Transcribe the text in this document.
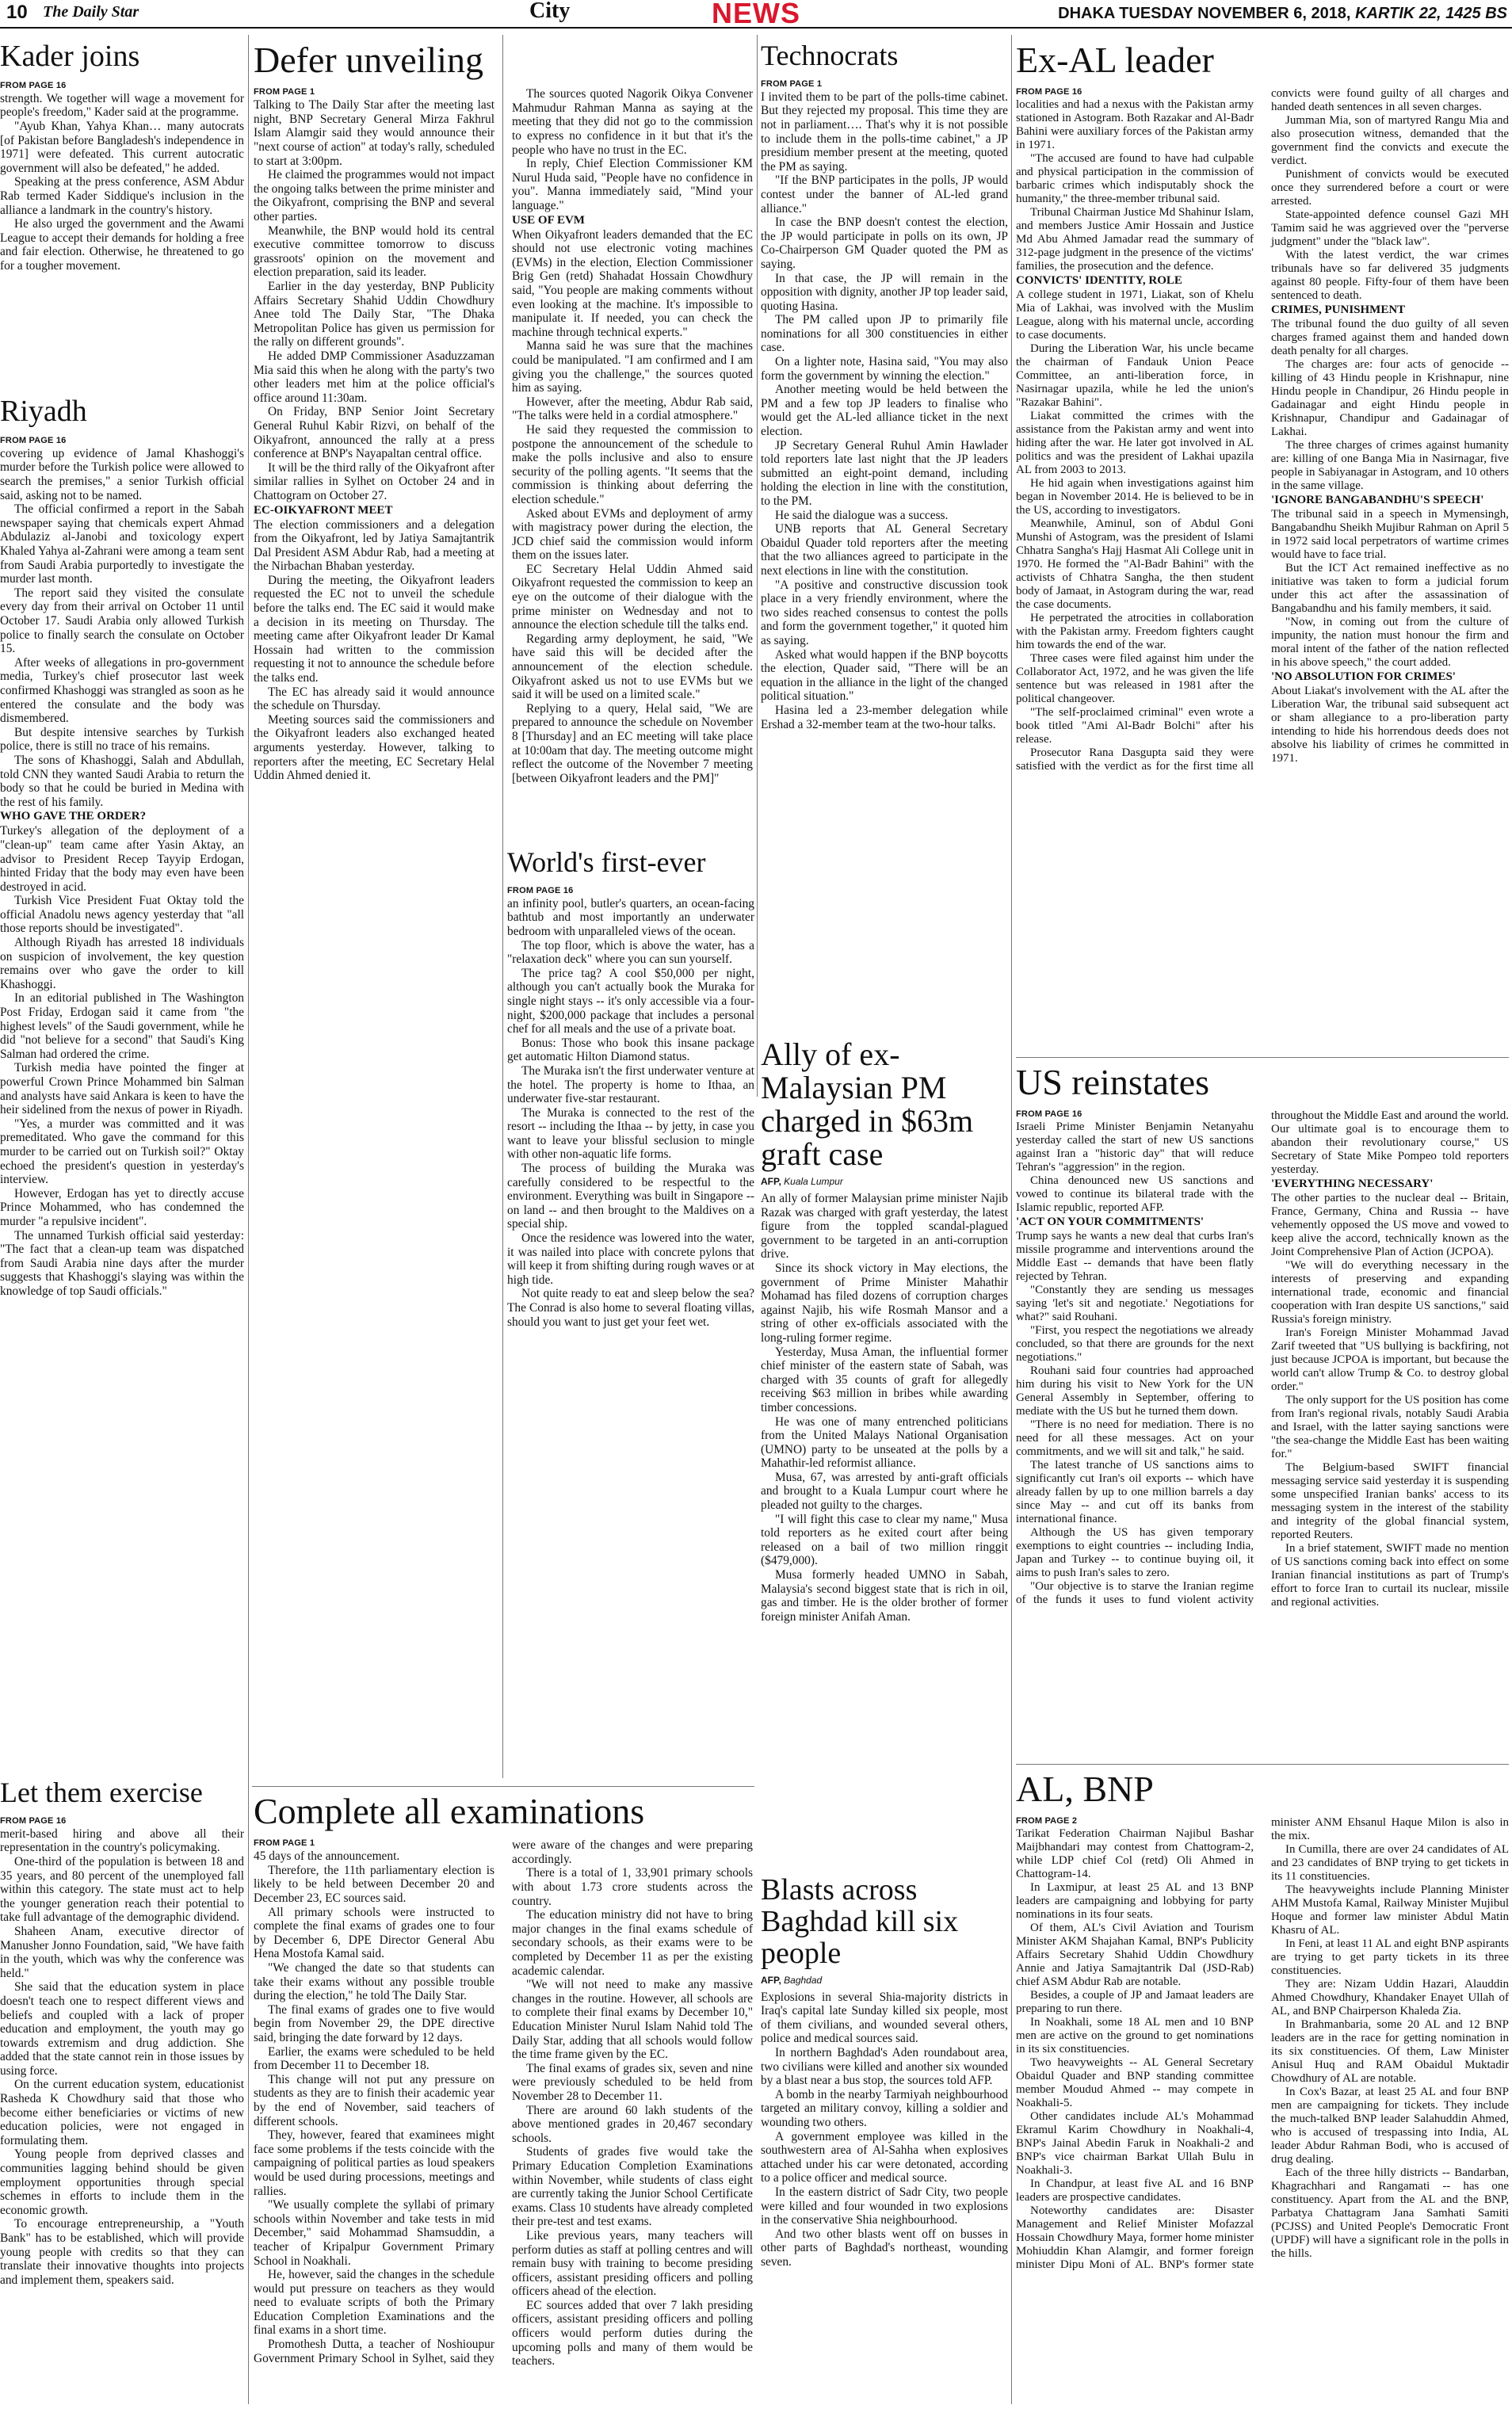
10 The Daily Star	City	NEWS	DHAKA TUESDAY NOVEMBER 6, 2018, KARTIK 22, 1425 BS
Kader joins
FROM PAGE 16

strength. We together will wage a movement for people's freedom," Kader said at the programme.

"Ayub Khan, Yahya Khan… many autocrats [of Pakistan before Bangladesh's independence in 1971] were defeated. This current autocratic government will also be defeated," he added.

Speaking at the press conference, ASM Abdur Rab termed Kader Siddique's inclusion in the alliance a landmark in the country's history.

He also urged the government and the Awami League to accept their demands for holding a free and fair election. Otherwise, he threatened to go for a tougher movement.

Riyadh
FROM PAGE 16

covering up evidence of Jamal Khashoggi's murder before the Turkish police were allowed to search the premises," a senior Turkish official said, asking not to be named.

The official confirmed a report in the Sabah newspaper saying that chemicals expert Ahmad Abdulaziz al-Janobi and toxicology expert Khaled Yahya al-Zahrani were among a team sent from Saudi Arabia purportedly to investigate the murder last month.

The report said they visited the consulate every day from their arrival on October 11 until October 17. Saudi Arabia only allowed Turkish police to finally search the consulate on October 15.

After weeks of allegations in pro-government media, Turkey's chief prosecutor last week confirmed Khashoggi was strangled as soon as he entered the consulate and the body was dismembered.

But despite intensive searches by Turkish police, there is still no trace of his remains.

The sons of Khashoggi, Salah and Abdullah, told CNN they wanted Saudi Arabia to return the body so that he could be buried in Medina with the rest of his family.

WHO GAVE THE ORDER?

Turkey's allegation of the deployment of a "clean-up" team came after Yasin Aktay, an advisor to President Recep Tayyip Erdogan, hinted Friday that the body may even have been destroyed in acid.

Turkish Vice President Fuat Oktay told the official Anadolu news agency yesterday that "all those reports should be investigated".

Although Riyadh has arrested 18 individuals on suspicion of involvement, the key question remains over who gave the order to kill Khashoggi.

In an editorial published in The Washington Post Friday, Erdogan said it came from "the highest levels" of the Saudi government, while he did "not believe for a second" that Saudi's King Salman had ordered the crime.

Turkish media have pointed the finger at powerful Crown Prince Mohammed bin Salman and analysts have said Ankara is keen to have the heir sidelined from the nexus of power in Riyadh.

"Yes, a murder was committed and it was premeditated. Who gave the command for this murder to be carried out on Turkish soil?" Oktay echoed the president's question in yesterday's interview.

However, Erdogan has yet to directly accuse Prince Mohammed, who has condemned the murder "a repulsive incident".

The unnamed Turkish official said yesterday: "The fact that a clean-up team was dispatched from Saudi Arabia nine days after the murder suggests that Khashoggi's slaying was within the knowledge of top Saudi officials."

Let them exercise
FROM PAGE 16

merit-based hiring and above all their representation in the country's policymaking.

One-third of the population is between 18 and 35 years, and 80 percent of the unemployed fall within this category. The state must act to help the younger generation reach their potential to take full advantage of the demographic dividend.

Shaheen Anam, executive director of Manusher Jonno Foundation, said, "We have faith in the youth, which was why the conference was held."

She said that the education system in place doesn't teach one to respect different views and beliefs and coupled with a lack of proper education and employment, the youth may go towards extremism and drug addiction. She added that the state cannot rein in those issues by using force.

On the current education system, educationist Rasheda K Chowdhury said that those who become either beneficiaries or victims of new education policies, were not engaged in formulating them.

Young people from deprived classes and communities lagging behind should be given employment opportunities through special schemes in efforts to include them in the economic growth.

To encourage entrepreneurship, a "Youth Bank" has to be established, which will provide young people with credits so that they can translate their innovative thoughts into projects and implement them, speakers said.

Defer unveiling
FROM PAGE 1

Talking to The Daily Star after the meeting last night, BNP Secretary General Mirza Fakhrul Islam Alamgir said they would announce their "next course of action" at today's rally, scheduled to start at 3:00pm.

He claimed the programmes would not impact the ongoing talks between the prime minister and the Oikyafront, comprising the BNP and several other parties.

Meanwhile, the BNP would hold its central executive committee tomorrow to discuss grassroots' opinion on the movement and election preparation, said its leader.

Earlier in the day yesterday, BNP Publicity Affairs Secretary Shahid Uddin Chowdhury Anee told The Daily Star, "The Dhaka Metropolitan Police has given us permission for the rally on different grounds".

He added DMP Commissioner Asaduzzaman Mia said this when he along with the party's two other leaders met him at the police official's office around 11:30am.

On Friday, BNP Senior Joint Secretary General Ruhul Kabir Rizvi, on behalf of the Oikyafront, announced the rally at a press conference at BNP's Nayapaltan central office.

It will be the third rally of the Oikyafront after similar rallies in Sylhet on October 24 and in Chattogram on October 27.

EC-OIKYAFRONT MEET

The election commissioners and a delegation from the Oikyafront, led by Jatiya Samajtantrik Dal President ASM Abdur Rab, had a meeting at the Nirbachan Bhaban yesterday.

During the meeting, the Oikyafront leaders requested the EC not to unveil the schedule before the talks end. The EC said it would make a decision in its meeting on Thursday. The meeting came after Oikyafront leader Dr Kamal Hossain had written to the commission requesting it not to announce the schedule before the talks end.

The EC has already said it would announce the schedule on Thursday.

Meeting sources said the commissioners and the Oikyafront leaders also exchanged heated arguments yesterday. However, talking to reporters after the meeting, EC Secretary Helal Uddin Ahmed denied it.

The sources quoted Nagorik Oikya Convener Mahmudur Rahman Manna as saying at the meeting that they did not go to the commission to express no confidence in it but that it's the people who have no trust in the EC.

In reply, Chief Election Commissioner KM Nurul Huda said, "People have no confidence in you". Manna immediately said, "Mind your language."

USE OF EVM

When Oikyafront leaders demanded that the EC should not use electronic voting machines (EVMs) in the election, Election Commissioner Brig Gen (retd) Shahadat Hossain Chowdhury said, "You people are making comments without even looking at the machine. It's impossible to manipulate it. If needed, you can check the machine through technical experts."

Manna said he was sure that the machines could be manipulated. "I am confirmed and I am giving you the challenge," the sources quoted him as saying.

However, after the meeting, Abdur Rab said, "The talks were held in a cordial atmosphere."

He said they requested the commission to postpone the announcement of the schedule to make the polls inclusive and also to ensure security of the polling agents. "It seems that the commission is thinking about deferring the election schedule."

Asked about EVMs and deployment of army with magistracy power during the election, the JCD chief said the commission would inform them on the issues later.

EC Secretary Helal Uddin Ahmed said Oikyafront requested the commission to keep an eye on the outcome of their dialogue with the prime minister on Wednesday and not to announce the election schedule till the talks end.

Regarding army deployment, he said, "We have said this will be decided after the announcement of the election schedule. Oikyafront asked us not to use EVMs but we said it will be used on a limited scale."

Replying to a query, Helal said, "We are prepared to announce the schedule on November 8 [Thursday] and an EC meeting will take place at 10:00am that day. The meeting outcome might reflect the outcome of the November 7 meeting [between Oikyafront leaders and the PM]"

World's first-ever
FROM PAGE 16

an infinity pool, butler's quarters, an ocean-facing bathtub and most importantly an underwater bedroom with unparalleled views of the ocean.

The top floor, which is above the water, has a "relaxation deck" where you can sun yourself.

The price tag? A cool $50,000 per night, although you can't actually book the Muraka for single night stays -- it's only accessible via a four-night, $200,000 package that includes a personal chef for all meals and the use of a private boat.

Bonus: Those who book this insane package get automatic Hilton Diamond status.

The Muraka isn't the first underwater venture at the hotel. The property is home to Ithaa, an underwater five-star restaurant.

The Muraka is connected to the rest of the resort -- including the Ithaa -- by jetty, in case you want to leave your blissful seclusion to mingle with other non-aquatic life forms.

The process of building the Muraka was carefully considered to be respectful to the environment. Everything was built in Singapore -- on land -- and then brought to the Maldives on a special ship.

Once the residence was lowered into the water, it was nailed into place with concrete pylons that will keep it from shifting during rough waves or at high tide.

Not quite ready to eat and sleep below the sea? The Conrad is also home to several floating villas, should you want to just get your feet wet.

Complete all examinations
FROM PAGE 1

45 days of the announcement.

Therefore, the 11th parliamentary election is likely to be held between December 20 and December 23, EC sources said.

All primary schools were instructed to complete the final exams of grades one to four by December 6, DPE Director General Abu Hena Mostofa Kamal said.

"We changed the date so that students can take their exams without any possible trouble during the election," he told The Daily Star.

The final exams of grades one to five would begin from November 29, the DPE directive said, bringing the date forward by 12 days.

Earlier, the exams were scheduled to be held from December 11 to December 18.

This change will not put any pressure on students as they are to finish their academic year by the end of November, said teachers of different schools.

They, however, feared that examinees might face some problems if the tests coincide with the campaigning of political parties as loud speakers would be used during processions, meetings and rallies.

"We usually complete the syllabi of primary schools within November and take tests in mid December," said Mohammad Shamsuddin, a teacher of Kripalpur Government Primary School in Noakhali.

He, however, said the changes in the schedule would put pressure on teachers as they would need to evaluate scripts of both the Primary Education Completion Examinations and the final exams in a short time.

Promothesh Dutta, a teacher of Noshioupur Government Primary School in Sylhet, said they were aware of the changes and were preparing accordingly.

There is a total of 1, 33,901 primary schools with about 1.73 crore students across the country.

The education ministry did not have to bring major changes in the final exams schedule of secondary schools, as their exams were to be completed by December 11 as per the existing academic calendar.

"We will not need to make any massive changes in the routine. However, all schools are to complete their final exams by December 10," Education Minister Nurul Islam Nahid told The Daily Star, adding that all schools would follow the time frame given by the EC.

The final exams of grades six, seven and nine were previously scheduled to be held from November 28 to December 11.

There are around 60 lakh students of the above mentioned grades in 20,467 secondary schools.

Students of grades five would take the Primary Education Completion Examinations within November, while students of class eight are currently taking the Junior School Certificate exams. Class 10 students have already completed their pre-test and test exams.

Like previous years, many teachers will perform duties as staff at polling centres and will remain busy with training to become presiding officers, assistant presiding officers and polling officers ahead of the election.

EC sources added that over 7 lakh presiding officers, assistant presiding officers and polling officers would perform duties during the upcoming polls and many of them would be teachers.

Technocrats
FROM PAGE 1

I invited them to be part of the polls-time cabinet. But they rejected my proposal. This time they are not in parliament…. That's why it is not possible to include them in the polls-time cabinet," a JP presidium member present at the meeting, quoted the PM as saying.

"If the BNP participates in the polls, JP would contest under the banner of AL-led grand alliance."

In case the BNP doesn't contest the election, the JP would participate in polls on its own, JP Co-Chairperson GM Quader quoted the PM as saying.

In that case, the JP will remain in the opposition with dignity, another JP top leader said, quoting Hasina.

The PM called upon JP to primarily file nominations for all 300 constituencies in either case.

On a lighter note, Hasina said, "You may also form the government by winning the election."

Another meeting would be held between the PM and a few top JP leaders to finalise who would get the AL-led alliance ticket in the next election.

JP Secretary General Ruhul Amin Hawlader told reporters late last night that the JP leaders submitted an eight-point demand, including holding the election in line with the constitution, to the PM.

He said the dialogue was a success.

UNB reports that AL General Secretary Obaidul Quader told reporters after the meeting that the two alliances agreed to participate in the next elections in line with the constitution.

"A positive and constructive discussion took place in a very friendly environment, where the two sides reached consensus to contest the polls and form the government together," it quoted him as saying.

Asked what would happen if the BNP boycotts the election, Quader said, "There will be an equation in the alliance in the light of the changed political situation."

Hasina led a 23-member delegation while Ershad a 32-member team at the two-hour talks.

Ally of ex-Malaysian PM charged in $63m graft case
AFP, Kuala Lumpur

An ally of former Malaysian prime minister Najib Razak was charged with graft yesterday, the latest figure from the toppled scandal-plagued government to be targeted in an anti-corruption drive.

Since its shock victory in May elections, the government of Prime Minister Mahathir Mohamad has filed dozens of corruption charges against Najib, his wife Rosmah Mansor and a string of other ex-officials associated with the long-ruling former regime.

Yesterday, Musa Aman, the influential former chief minister of the eastern state of Sabah, was charged with 35 counts of graft for allegedly receiving $63 million in bribes while awarding timber concessions.

He was one of many entrenched politicians from the United Malays National Organisation (UMNO) party to be unseated at the polls by a Mahathir-led reformist alliance.

Musa, 67, was arrested by anti-graft officials and brought to a Kuala Lumpur court where he pleaded not guilty to the charges.

"I will fight this case to clear my name," Musa told reporters as he exited court after being released on a bail of two million ringgit ($479,000).

Musa formerly headed UMNO in Sabah, Malaysia's second biggest state that is rich in oil, gas and timber. He is the older brother of former foreign minister Anifah Aman.

Blasts across Baghdad kill six people
AFP, Baghdad

Explosions in several Shia-majority districts in Iraq's capital late Sunday killed six people, most of them civilians, and wounded several others, police and medical sources said.

In northern Baghdad's Aden roundabout area, two civilians were killed and another six wounded by a blast near a bus stop, the sources told AFP.

A bomb in the nearby Tarmiyah neighbourhood targeted an military convoy, killing a soldier and wounding two others.

A government employee was killed in the southwestern area of Al-Sahha when explosives attached under his car were detonated, according to a police officer and medical source.

In the eastern district of Sadr City, two people were killed and four wounded in two explosions in the conservative Shia neighbourhood.

And two other blasts went off on busses in other parts of Baghdad's northeast, wounding seven.

Ex-AL leader
FROM PAGE 16

localities and had a nexus with the Pakistan army stationed in Astogram. Both Razakar and Al-Badr Bahini were auxiliary forces of the Pakistan army in 1971.

"The accused are found to have had culpable and physical participation in the commission of barbaric crimes which indisputably shock the humanity," the three-member tribunal said.

Tribunal Chairman Justice Md Shahinur Islam, and members Justice Amir Hossain and Justice Md Abu Ahmed Jamadar read the summary of 312-page judgment in the presence of the victims' families, the prosecution and the defence.

CONVICTS' IDENTITY, ROLE

A college student in 1971, Liakat, son of Khelu Mia of Lakhai, was involved with the Muslim League, along with his maternal uncle, according to case documents.

During the Liberation War, his uncle became the chairman of Fandauk Union Peace Committee, an anti-liberation force, in Nasirnagar upazila, while he led the union's "Razakar Bahini".

Liakat committed the crimes with the assistance from the Pakistan army and went into hiding after the war. He later got involved in AL politics and was the president of Lakhai upazila AL from 2003 to 2013.

He hid again when investigations against him began in November 2014. He is believed to be in the US, according to investigators.

Meanwhile, Aminul, son of Abdul Goni Munshi of Astogram, was the president of Islami Chhatra Sangha's Hajj Hasmat Ali College unit in 1970. He formed the "Al-Badr Bahini" with the activists of Chhatra Sangha, the then student body of Jamaat, in Astogram during the war, read the case documents.

He perpetrated the atrocities in collaboration with the Pakistan army. Freedom fighters caught him towards the end of the war.

Three cases were filed against him under the Collaborator Act, 1972, and he was given the life sentence but was released in 1981 after the political changeover.

"The self-proclaimed criminal" even wrote a book titled "Ami Al-Badr Bolchi" after his release.

Prosecutor Rana Dasgupta said they were satisfied with the verdict as for the first time all convicts were found guilty of all charges and handed death sentences in all seven charges.

Jumman Mia, son of martyred Rangu Mia and also prosecution witness, demanded that the government find the convicts and execute the verdict.

Punishment of convicts would be executed once they surrendered before a court or were arrested.

State-appointed defence counsel Gazi MH Tamim said he was aggrieved over the "perverse judgment" under the "black law".

With the latest verdict, the war crimes tribunals have so far delivered 35 judgments against 80 people. Fifty-four of them have been sentenced to death.

CRIMES, PUNISHMENT

The tribunal found the duo guilty of all seven charges framed against them and handed down death penalty for all charges.

The charges are: four acts of genocide -- killing of 43 Hindu people in Krishnapur, nine Hindu people in Chandipur, 26 Hindu people in Gadainagar and eight Hindu people in Krishnapur, Chandipur and Gadainagar of Lakhai.

The three charges of crimes against humanity are: killing of one Banga Mia in Nasirnagar, five people in Sabiyanagar in Astogram, and 10 others in the same village.

'IGNORE BANGABANDHU'S SPEECH'

The tribunal said in a speech in Mymensingh, Bangabandhu Sheikh Mujibur Rahman on April 5 in 1972 said local perpetrators of wartime crimes would have to face trial.

But the ICT Act remained ineffective as no initiative was taken to form a judicial forum under this act after the assassination of Bangabandhu and his family members, it said.

"Now, in coming out from the culture of impunity, the nation must honour the firm and moral intent of the father of the nation reflected in his above speech," the court added.

'NO ABSOLUTION FOR CRIMES'

About Liakat's involvement with the AL after the Liberation War, the tribunal said subsequent act or sham allegiance to a pro-liberation party intending to hide his horrendous deeds does not absolve his liability of crimes he committed in 1971.

US reinstates
FROM PAGE 16

Israeli Prime Minister Benjamin Netanyahu yesterday called the start of new US sanctions against Iran a "historic day" that will reduce Tehran's "aggression" in the region.

China denounced new US sanctions and vowed to continue its bilateral trade with the Islamic republic, reported AFP.

'ACT ON YOUR COMMITMENTS'

Trump says he wants a new deal that curbs Iran's missile programme and interventions around the Middle East -- demands that have been flatly rejected by Tehran.

"Constantly they are sending us messages saying 'let's sit and negotiate.' Negotiations for what?" said Rouhani.

"First, you respect the negotiations we already concluded, so that there are grounds for the next negotiations."

Rouhani said four countries had approached him during his visit to New York for the UN General Assembly in September, offering to mediate with the US but he turned them down.

"There is no need for mediation. There is no need for all these messages. Act on your commitments, and we will sit and talk," he said.

The latest tranche of US sanctions aims to significantly cut Iran's oil exports -- which have already fallen by up to one million barrels a day since May -- and cut off its banks from international finance.

Although the US has given temporary exemptions to eight countries -- including India, Japan and Turkey -- to continue buying oil, it aims to push Iran's sales to zero.

"Our objective is to starve the Iranian regime of the funds it uses to fund violent activity throughout the Middle East and around the world. Our ultimate goal is to encourage them to abandon their revolutionary course," US Secretary of State Mike Pompeo told reporters yesterday.

'EVERYTHING NECESSARY'

The other parties to the nuclear deal -- Britain, France, Germany, China and Russia -- have vehemently opposed the US move and vowed to keep alive the accord, technically known as the Joint Comprehensive Plan of Action (JCPOA).

"We will do everything necessary in the interests of preserving and expanding international trade, economic and financial cooperation with Iran despite US sanctions," said Russia's foreign ministry.

Iran's Foreign Minister Mohammad Javad Zarif tweeted that "US bullying is backfiring, not just because JCPOA is important, but because the world can't allow Trump & Co. to destroy global order."

The only support for the US position has come from Iran's regional rivals, notably Saudi Arabia and Israel, with the latter saying sanctions were "the sea-change the Middle East has been waiting for."

The Belgium-based SWIFT financial messaging service said yesterday it is suspending some unspecified Iranian banks' access to its messaging system in the interest of the stability and integrity of the global financial system, reported Reuters.

In a brief statement, SWIFT made no mention of US sanctions coming back into effect on some Iranian financial institutions as part of Trump's effort to force Iran to curtail its nuclear, missile and regional activities.

AL, BNP
FROM PAGE 2

Tarikat Federation Chairman Najibul Bashar Maijbhandari may contest from Chattogram-2, while LDP chief Col (retd) Oli Ahmed in Chattogram-14.

In Laxmipur, at least 25 AL and 13 BNP leaders are campaigning and lobbying for party nominations in its four seats.

Of them, AL's Civil Aviation and Tourism Minister AKM Shajahan Kamal, BNP's Publicity Affairs Secretary Shahid Uddin Chowdhury Annie and Jatiya Samajtantrik Dal (JSD-Rab) chief ASM Abdur Rab are notable.

Besides, a couple of JP and Jamaat leaders are preparing to run there.

In Noakhali, some 18 AL men and 10 BNP men are active on the ground to get nominations in its six constituencies.

Two heavyweights -- AL General Secretary Obaidul Quader and BNP standing committee member Moudud Ahmed -- may compete in Noakhali-5.

Other candidates include AL's Mohammad Ekramul Karim Chowdhury in Noakhali-4, BNP's Jainal Abedin Faruk in Noakhali-2 and BNP's vice chairman Barkat Ullah Bulu in Noakhali-3.

In Chandpur, at least five AL and 16 BNP leaders are prospective candidates.

Noteworthy candidates are: Disaster Management and Relief Minister Mofazzal Hossain Chowdhury Maya, former home minister Mohiuddin Khan Alamgir, and former foreign minister Dipu Moni of AL. BNP's former state minister ANM Ehsanul Haque Milon is also in the mix.

In Cumilla, there are over 24 candidates of AL and 23 candidates of BNP trying to get tickets in its 11 constituencies.

The heavyweights include Planning Minister AHM Mustofa Kamal, Railway Minister Mujibul Hoque and former law minister Abdul Matin Khasru of AL.

In Feni, at least 11 AL and eight BNP aspirants are trying to get party tickets in its three constituencies.

They are: Nizam Uddin Hazari, Alauddin Ahmed Chowdhury, Khandaker Enayet Ullah of AL, and BNP Chairperson Khaleda Zia.

In Brahmanbaria, some 20 AL and 12 BNP leaders are in the race for getting nomination in its six constituencies. Of them, Law Minister Anisul Huq and RAM Obaidul Muktadir Chowdhury of AL are notable.

In Cox's Bazar, at least 25 AL and four BNP men are campaigning for tickets. They include the much-talked BNP leader Salahuddin Ahmed, who is accused of trespassing into India, AL leader Abdur Rahman Bodi, who is accused of drug dealing.

Each of the three hilly districts -- Bandarban, Khagrachhari and Rangamati -- has one constituency. Apart from the AL and the BNP, Parbatya Chattagram Jana Samhati Samiti (PCJSS) and United People's Democratic Front (UPDF) will have a significant role in the polls in the hills.
